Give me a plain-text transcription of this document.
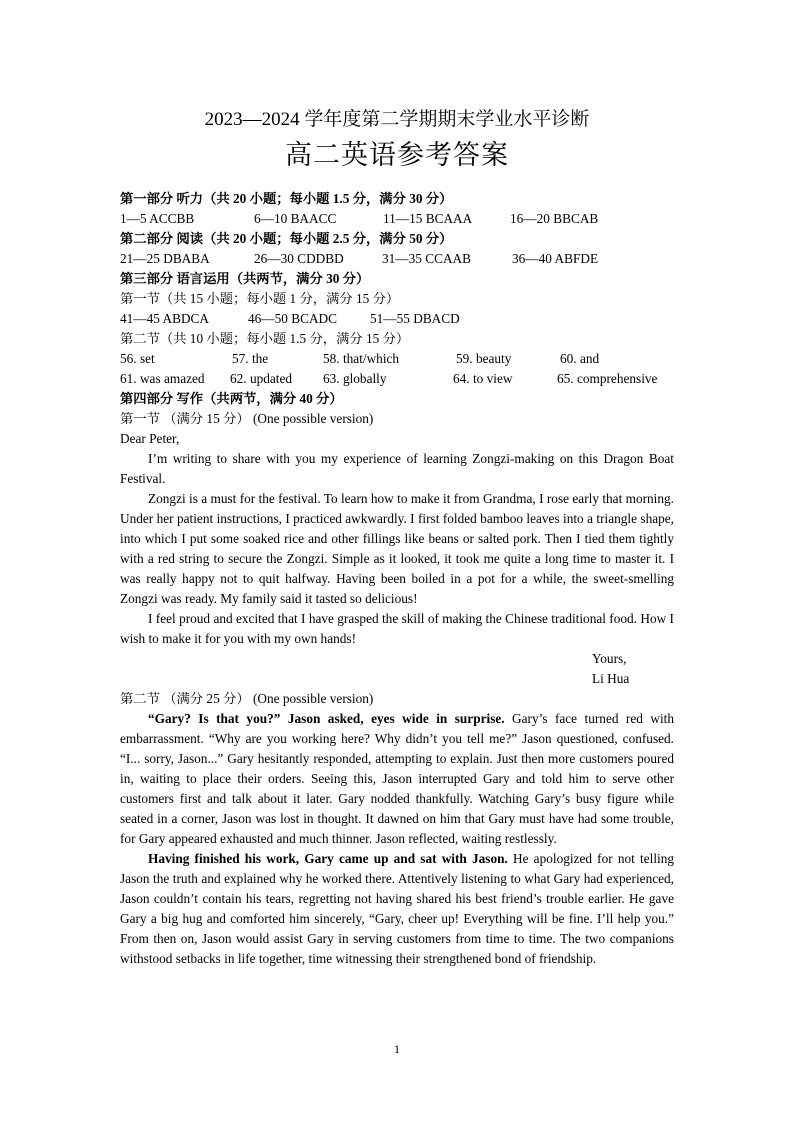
2023—2024 学年度第二学期期末学业水平诊断
高二英语参考答案

第一部分 听力（共 20 小题；每小题 1.5 分，满分 30 分）

1—5 ACCBB	6—10 BAACC	11—15 BCAAA	16—20 BBCAB

第二部分 阅读（共 20 小题；每小题 2.5 分，满分 50 分）

21—25 DBABA	26—30 CDDBD	31—35 CCAAB	36—40 ABFDE

第三部分 语言运用（共两节，满分 30 分）

第一节（共 15 小题；每小题 1 分，满分 15 分）

41—45 ABDCA	46—50 BCADC	51—55 DBACD

第二节（共 10 小题；每小题 1.5 分，满分 15 分）

56. set	57. the	58. that/which	59. beauty	60. and
61. was amazed	62. updated	63. globally	64. to view	65. comprehensive

第四部分 写作（共两节，满分 40 分）

第一节 （满分 15 分） (One possible version)

Dear Peter,

I’m writing to share with you my experience of learning Zongzi-making on this Dragon Boat Festival.

Zongzi is a must for the festival. To learn how to make it from Grandma, I rose early that morning. Under her patient instructions, I practiced awkwardly. I first folded bamboo leaves into a triangle shape, into which I put some soaked rice and other fillings like beans or salted pork. Then I tied them tightly with a red string to secure the Zongzi. Simple as it looked, it took me quite a long time to master it. I was really happy not to quit halfway. Having been boiled in a pot for a while, the sweet-smelling Zongzi was ready. My family said it tasted so delicious!

I feel proud and excited that I have grasped the skill of making the Chinese traditional food. How I wish to make it for you with my own hands!

Yours,

Li Hua

第二节 （满分 25 分） (One possible version)

“Gary? Is that you?” Jason asked, eyes wide in surprise. Gary’s face turned red with embarrassment. “Why are you working here? Why didn’t you tell me?” Jason questioned, confused. “I... sorry, Jason...” Gary hesitantly responded, attempting to explain. Just then more customers poured in, waiting to place their orders. Seeing this, Jason interrupted Gary and told him to serve other customers first and talk about it later. Gary nodded thankfully. Watching Gary’s busy figure while seated in a corner, Jason was lost in thought. It dawned on him that Gary must have had some trouble, for Gary appeared exhausted and much thinner. Jason reflected, waiting restlessly.

Having finished his work, Gary came up and sat with Jason. He apologized for not telling Jason the truth and explained why he worked there. Attentively listening to what Gary had experienced, Jason couldn’t contain his tears, regretting not having shared his best friend’s trouble earlier. He gave Gary a big hug and comforted him sincerely, “Gary, cheer up! Everything will be fine. I’ll help you.” From then on, Jason would assist Gary in serving customers from time to time. The two companions withstood setbacks in life together, time witnessing their strengthened bond of friendship.

1
